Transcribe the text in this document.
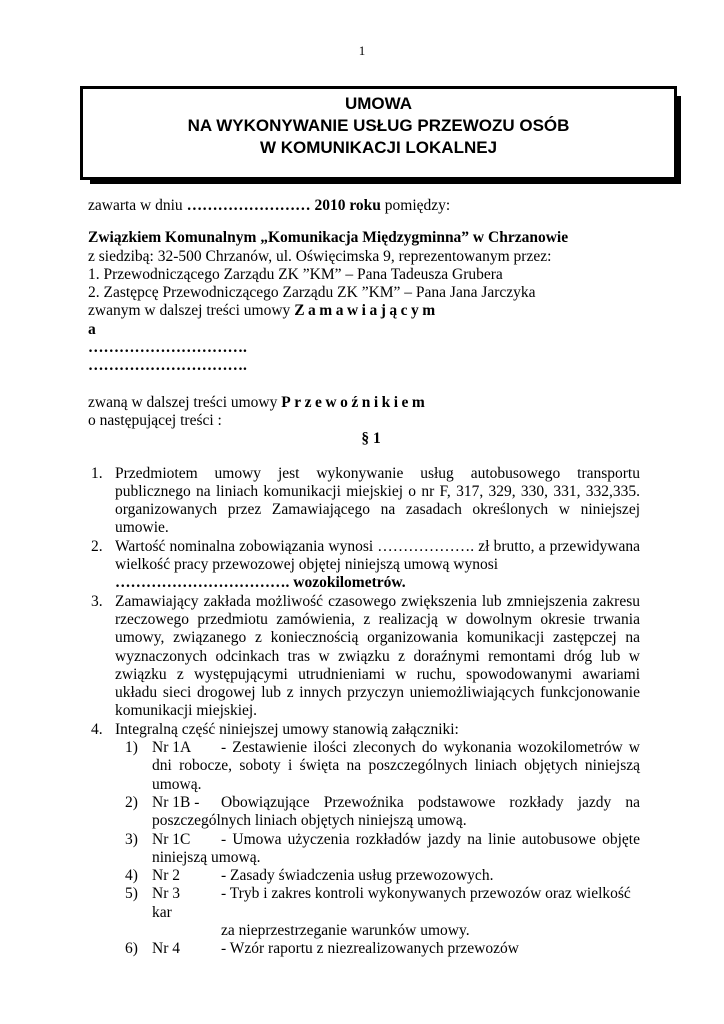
1
UMOWA
NA WYKONYWANIE USŁUG PRZEWOZU OSÓB
W KOMUNIKACJI LOKALNEJ
zawarta w dniu …………………… 2010 roku pomiędzy:
Związkiem Komunalnym „Komunikacja Międzygminna” w Chrzanowie
z siedzibą: 32-500 Chrzanów, ul. Oświęcimska 9, reprezentowanym przez:
1. Przewodniczącego Zarządu ZK ”KM” – Pana Tadeusza Grubera
2. Zastępcę Przewodniczącego Zarządu ZK ”KM” – Pana Jana Jarczyka
zwanym w dalszej treści umowy Zamawiającym
a
………………………….
………………………….
zwaną w dalszej treści umowy Przewoźnikiem
o następującej treści :
§ 1
1. Przedmiotem umowy jest wykonywanie usług autobusowego transportu publicznego na liniach komunikacji miejskiej o nr F, 317, 329, 330, 331, 332,335. organizowanych przez Zamawiającego na zasadach określonych w niniejszej umowie.
2. Wartość nominalna zobowiązania wynosi ………………. zł brutto, a przewidywana wielkość pracy przewozowej objętej niniejszą umową wynosi
……………………………. wozokilometrów.
3. Zamawiający zakłada możliwość czasowego zwiększenia lub zmniejszenia zakresu rzeczowego przedmiotu zamówienia, z realizacją w dowolnym okresie trwania umowy, związanego z koniecznością organizowania komunikacji zastępczej na wyznaczonych odcinkach tras w związku z doraźnymi remontami dróg lub w związku z występującymi utrudnieniami w ruchu, spowodowanymi awariami układu sieci drogowej lub z innych przyczyn uniemożliwiających funkcjonowanie komunikacji miejskiej.
4. Integralną część niniejszej umowy stanowią załączniki:
1) Nr 1A - Zestawienie ilości zleconych do wykonania wozokilometrów w dni robocze, soboty i święta na poszczególnych liniach objętych niniejszą umową.
2) Nr 1B - Obowiązujące Przewoźnika podstawowe rozkłady jazdy na poszczególnych liniach objętych niniejszą umową.
3) Nr 1C - Umowa użyczenia rozkładów jazdy na linie autobusowe objęte niniejszą umową.
4) Nr 2	- Zasady świadczenia usług przewozowych.
5) Nr 3	- Tryb i zakres kontroli wykonywanych przewozów oraz wielkość kar
za nieprzestrzeganie warunków umowy.
6) Nr 4	- Wzór raportu z niezrealizowanych przewozów
